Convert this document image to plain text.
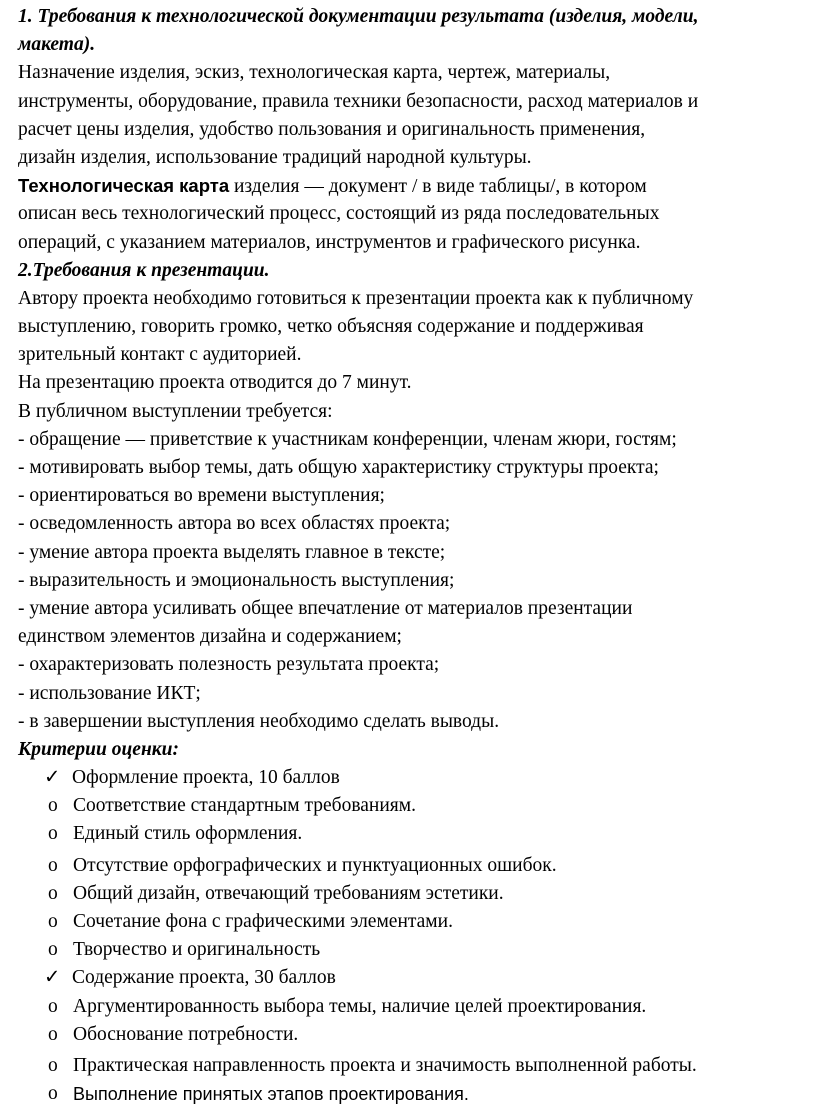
1. Требования к технологической документации результата (изделия, модели,
макета).
Назначение изделия, эскиз, технологическая карта, чертеж, материалы,
инструменты, оборудование, правила техники безопасности, расход материалов и
расчет цены изделия, удобство пользования и оригинальность применения,
дизайн изделия, использование традиций народной культуры.
Технологическая карта изделия — документ / в виде таблицы/, в котором
описан весь технологический процесс, состоящий из ряда последовательных
операций, с указанием материалов, инструментов и графического рисунка.
2.Требования к презентации.
Автору проекта необходимо готовиться к презентации проекта как к публичному
выступлению, говорить громко, четко объясняя содержание и поддерживая
зрительный контакт с аудиторией.
На презентацию проекта отводится до 7 минут.
В публичном выступлении требуется:
- обращение — приветствие к участникам конференции, членам жюри, гостям;
- мотивировать выбор темы, дать общую характеристику структуры проекта;
- ориентироваться во времени выступления;
- осведомленность автора во всех областях проекта;
- умение автора проекта выделять главное в тексте;
- выразительность и эмоциональность выступления;
- умение автора усиливать общее впечатление от материалов презентации
единством элементов дизайна и содержанием;
- охарактеризовать полезность результата проекта;
- использование ИКТ;
- в завершении выступления необходимо сделать выводы.
Критерии оценки:
✓ Оформление проекта, 10 баллов
o Соответствие стандартным требованиям.
o Единый стиль оформления.
o Отсутствие орфографических и пунктуационных ошибок.
o Общий дизайн, отвечающий требованиям эстетики.
o Сочетание фона с графическими элементами.
o Творчество и оригинальность
✓ Содержание проекта, 30 баллов
o Аргументированность выбора темы, наличие целей проектирования.
o Обоснование потребности.
o Практическая направленность проекта и значимость выполненной работы.
o Выполнение принятых этапов проектирования.
